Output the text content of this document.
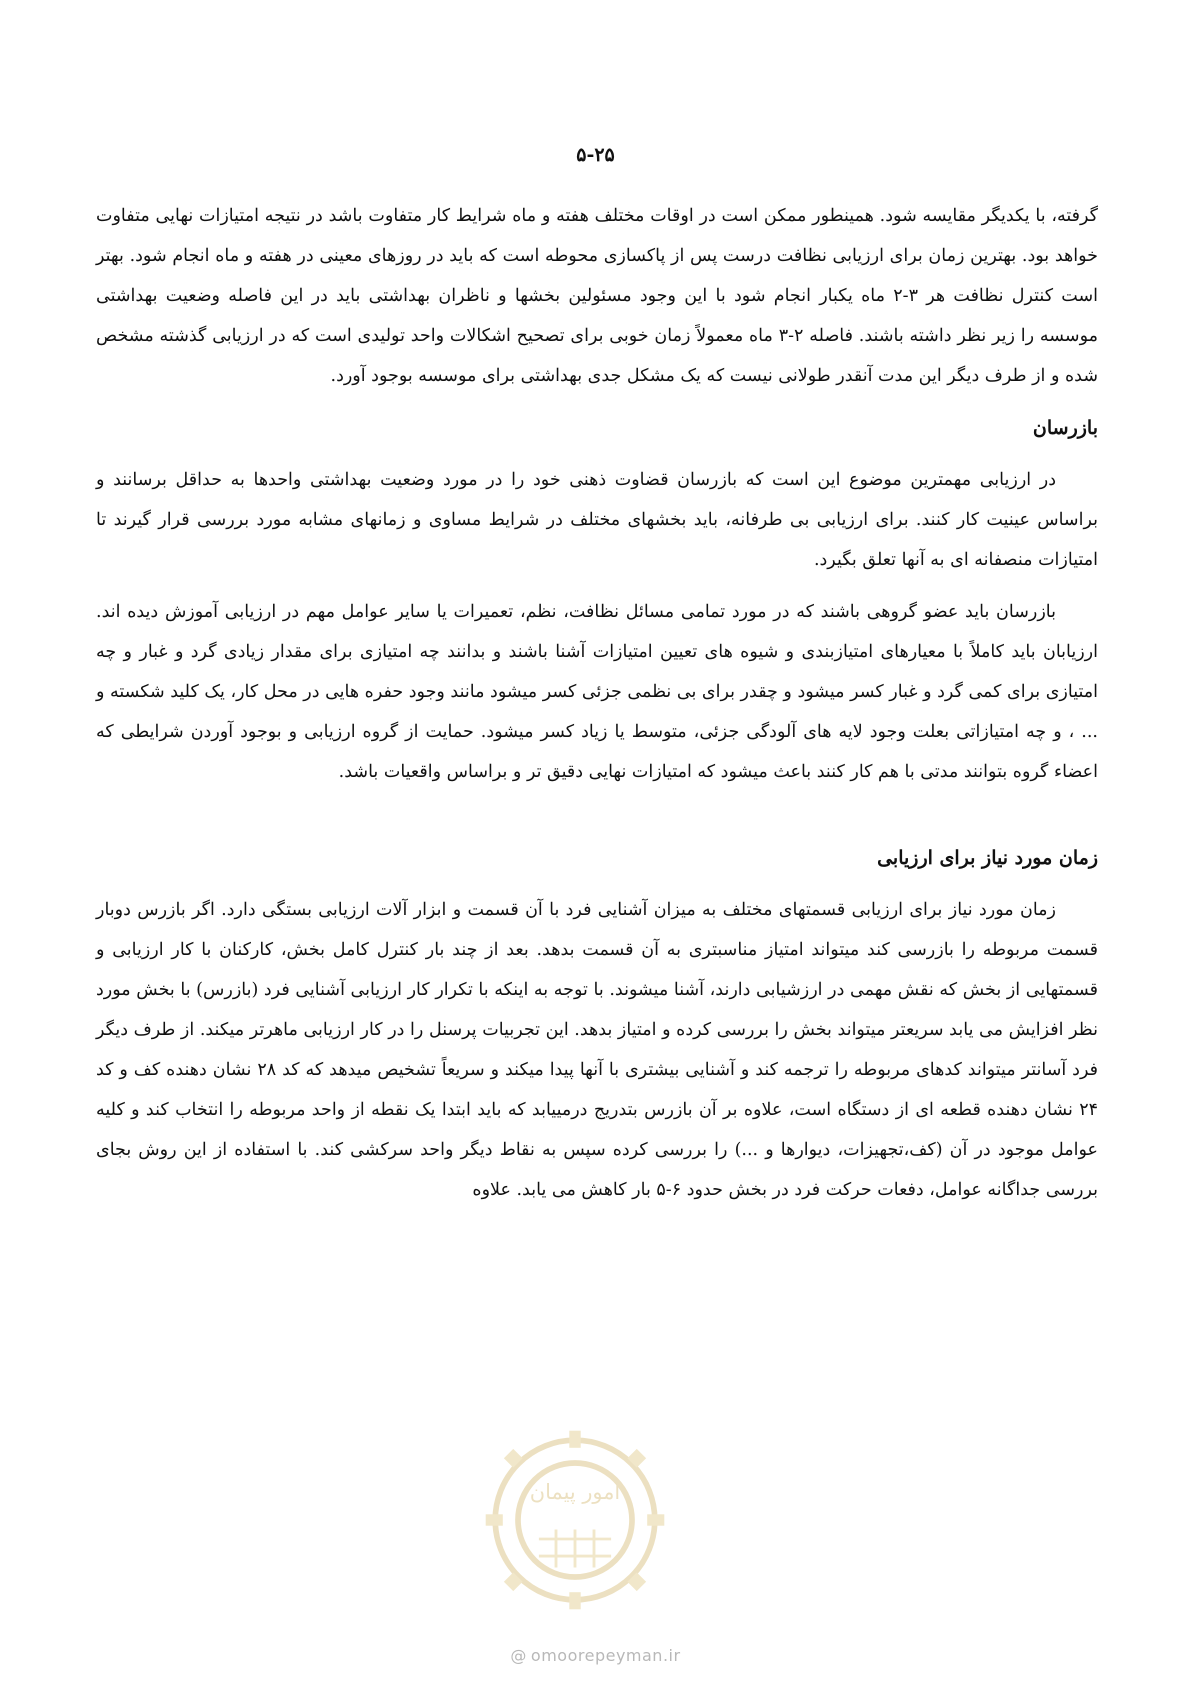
۵-۲۵

گرفته، با یکدیگر مقایسه شود. همینطور ممکن است در اوقات مختلف هفته و ماه شرایط کار متفاوت باشد در نتیجه امتیازات نهایی متفاوت خواهد بود. بهترین زمان برای ارزیابی نظافت درست پس از پاکسازی محوطه است که باید در روزهای معینی در هفته و ماه انجام شود. بهتر است کنترل نظافت هر ۳-۲ ماه یکبار انجام شود با این وجود مسئولین بخشها و ناظران بهداشتی باید در این فاصله وضعیت بهداشتی موسسه را زیر نظر داشته باشند. فاصله ۲-۳ ماه معمولاً زمان خوبی برای تصحیح اشکالات واحد تولیدی است که در ارزیابی گذشته مشخص شده و از طرف دیگر این مدت آنقدر طولانی نیست که یک مشکل جدی بهداشتی برای موسسه بوجود آورد.

بازرسان

در ارزیابی مهمترین موضوع این است که بازرسان قضاوت ذهنی خود را در مورد وضعیت بهداشتی واحدها به حداقل برسانند و براساس عینیت کار کنند. برای ارزیابی بی طرفانه، باید بخشهای مختلف در شرایط مساوی و زمانهای مشابه مورد بررسی قرار گیرند تا امتیازات منصفانه ای به آنها تعلق بگیرد.

بازرسان باید عضو گروهی باشند که در مورد تمامی مسائل نظافت، نظم، تعمیرات یا سایر عوامل مهم در ارزیابی آموزش دیده اند. ارزیابان باید کاملاً با معیارهای امتیازبندی و شیوه های تعیین امتیازات آشنا باشند و بدانند چه امتیازی برای مقدار زیادی گرد و غبار و چه امتیازی برای کمی گرد و غبار کسر میشود و چقدر برای بی نظمی جزئی کسر میشود مانند وجود حفره هایی در محل کار، یک کلید شکسته و ... ، و چه امتیازاتی بعلت وجود لایه های آلودگی جزئی، متوسط یا زیاد کسر میشود. حمایت از گروه ارزیابی و بوجود آوردن شرایطی که اعضاء گروه بتوانند مدتی با هم کار کنند باعث میشود که امتیازات نهایی دقیق تر و براساس واقعیات باشد.

زمان مورد نیاز برای ارزیابی

زمان مورد نیاز برای ارزیابی قسمتهای مختلف به میزان آشنایی فرد با آن قسمت و ابزار آلات ارزیابی بستگی دارد. اگر بازرس دوبار قسمت مربوطه را بازرسی کند میتواند امتیاز مناسبتری به آن قسمت بدهد. بعد از چند بار کنترل کامل بخش، کارکنان با کار ارزیابی و قسمتهایی از بخش که نقش مهمی در ارزشیابی دارند، آشنا میشوند. با توجه به اینکه با تکرار کار ارزیابی آشنایی فرد (بازرس) با بخش مورد نظر افزایش می یابد سریعتر میتواند بخش را بررسی کرده و امتیاز بدهد. این تجربیات پرسنل را در کار ارزیابی ماهرتر میکند. از طرف دیگر فرد آسانتر میتواند کدهای مربوطه را ترجمه کند و آشنایی بیشتری با آنها پیدا میکند و سریعاً تشخیص میدهد که کد ۲۸ نشان دهنده کف و کد ۲۴ نشان دهنده قطعه ای از دستگاه است، علاوه بر آن بازرس بتدریج درمییابد که باید ابتدا یک نقطه از واحد مربوطه را انتخاب کند و کلیه عوامل موجود در آن (کف،تجهیزات، دیوارها و ...) را بررسی کرده سپس به نقاط دیگر واحد سرکشی کند. با استفاده از این روش بجای بررسی جداگانه عوامل، دفعات حرکت فرد در بخش حدود ۶-۵ بار کاهش می یابد. علاوه

امور پیمان
@ omoorepeyman.ir
